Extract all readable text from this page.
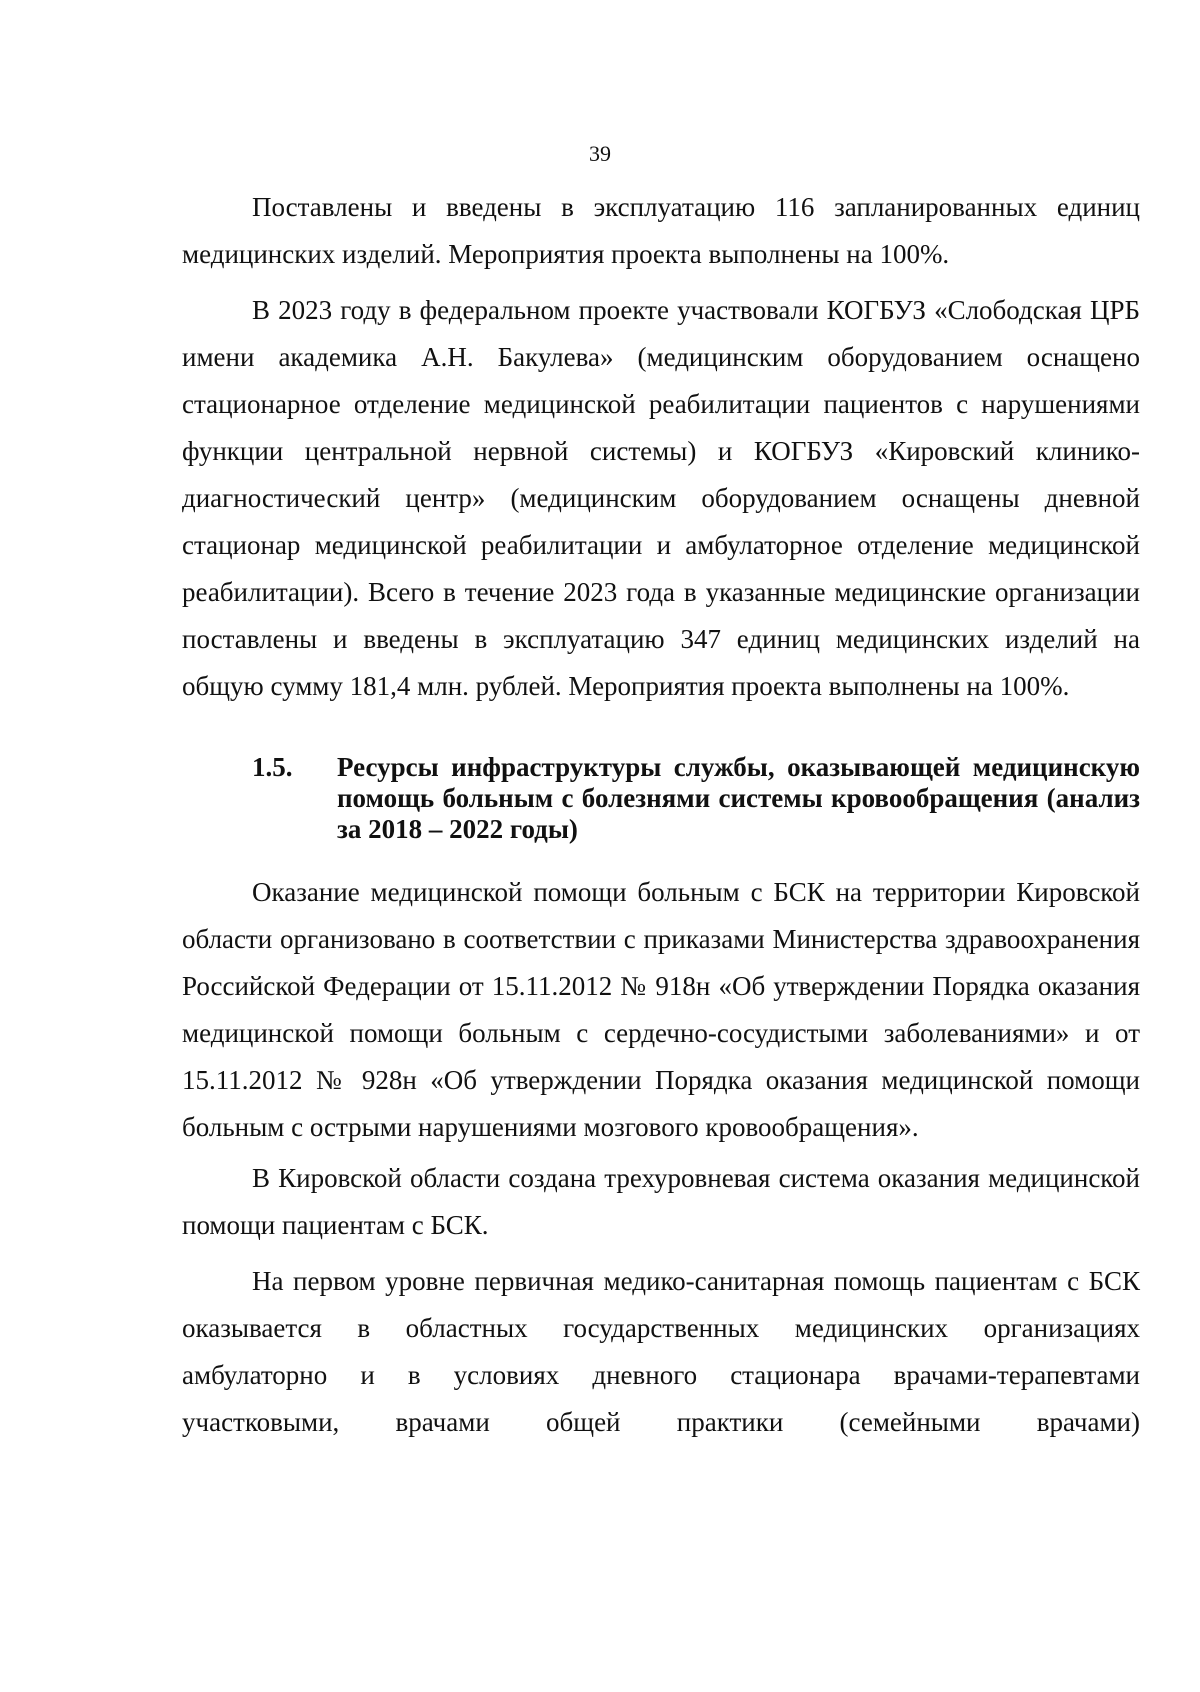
39

Поставлены и введены в эксплуатацию 116 запланированных единиц медицинских изделий. Мероприятия проекта выполнены на 100%.

В 2023 году в федеральном проекте участвовали КОГБУЗ «Слободская ЦРБ имени академика А.Н. Бакулева» (медицинским оборудованием оснащено стационарное отделение медицинской реабилитации пациентов с нарушениями функции центральной нервной системы) и КОГБУЗ «Кировский клинико-диагностический центр» (медицинским оборудованием оснащены дневной стационар медицинской реабилитации и амбулаторное отделение медицинской реабилитации). Всего в течение 2023 года в указанные медицинские организации поставлены и введены в эксплуатацию 347 единиц медицинских изделий на общую сумму 181,4 млн. рублей. Мероприятия проекта выполнены на 100%.

1.5.	Ресурсы инфраструктуры службы, оказывающей медицинскую помощь больным с болезнями системы кровообращения (анализ за 2018 – 2022 годы)

Оказание медицинской помощи больным с БСК на территории Кировской области организовано в соответствии с приказами Министерства здравоохранения Российской Федерации от 15.11.2012 № 918н «Об утверждении Порядка оказания медицинской помощи больным с сердечно-сосудистыми заболеваниями» и от 15.11.2012 № 928н «Об утверждении Порядка оказания медицинской помощи больным с острыми нарушениями мозгового кровообращения».

В Кировской области создана трехуровневая система оказания медицинской помощи пациентам с БСК.

На первом уровне первичная медико-санитарная помощь пациентам с БСК оказывается в областных государственных медицинских организациях амбулаторно и в условиях дневного стационара врачами-терапевтами участковыми, врачами общей практики (семейными врачами)
